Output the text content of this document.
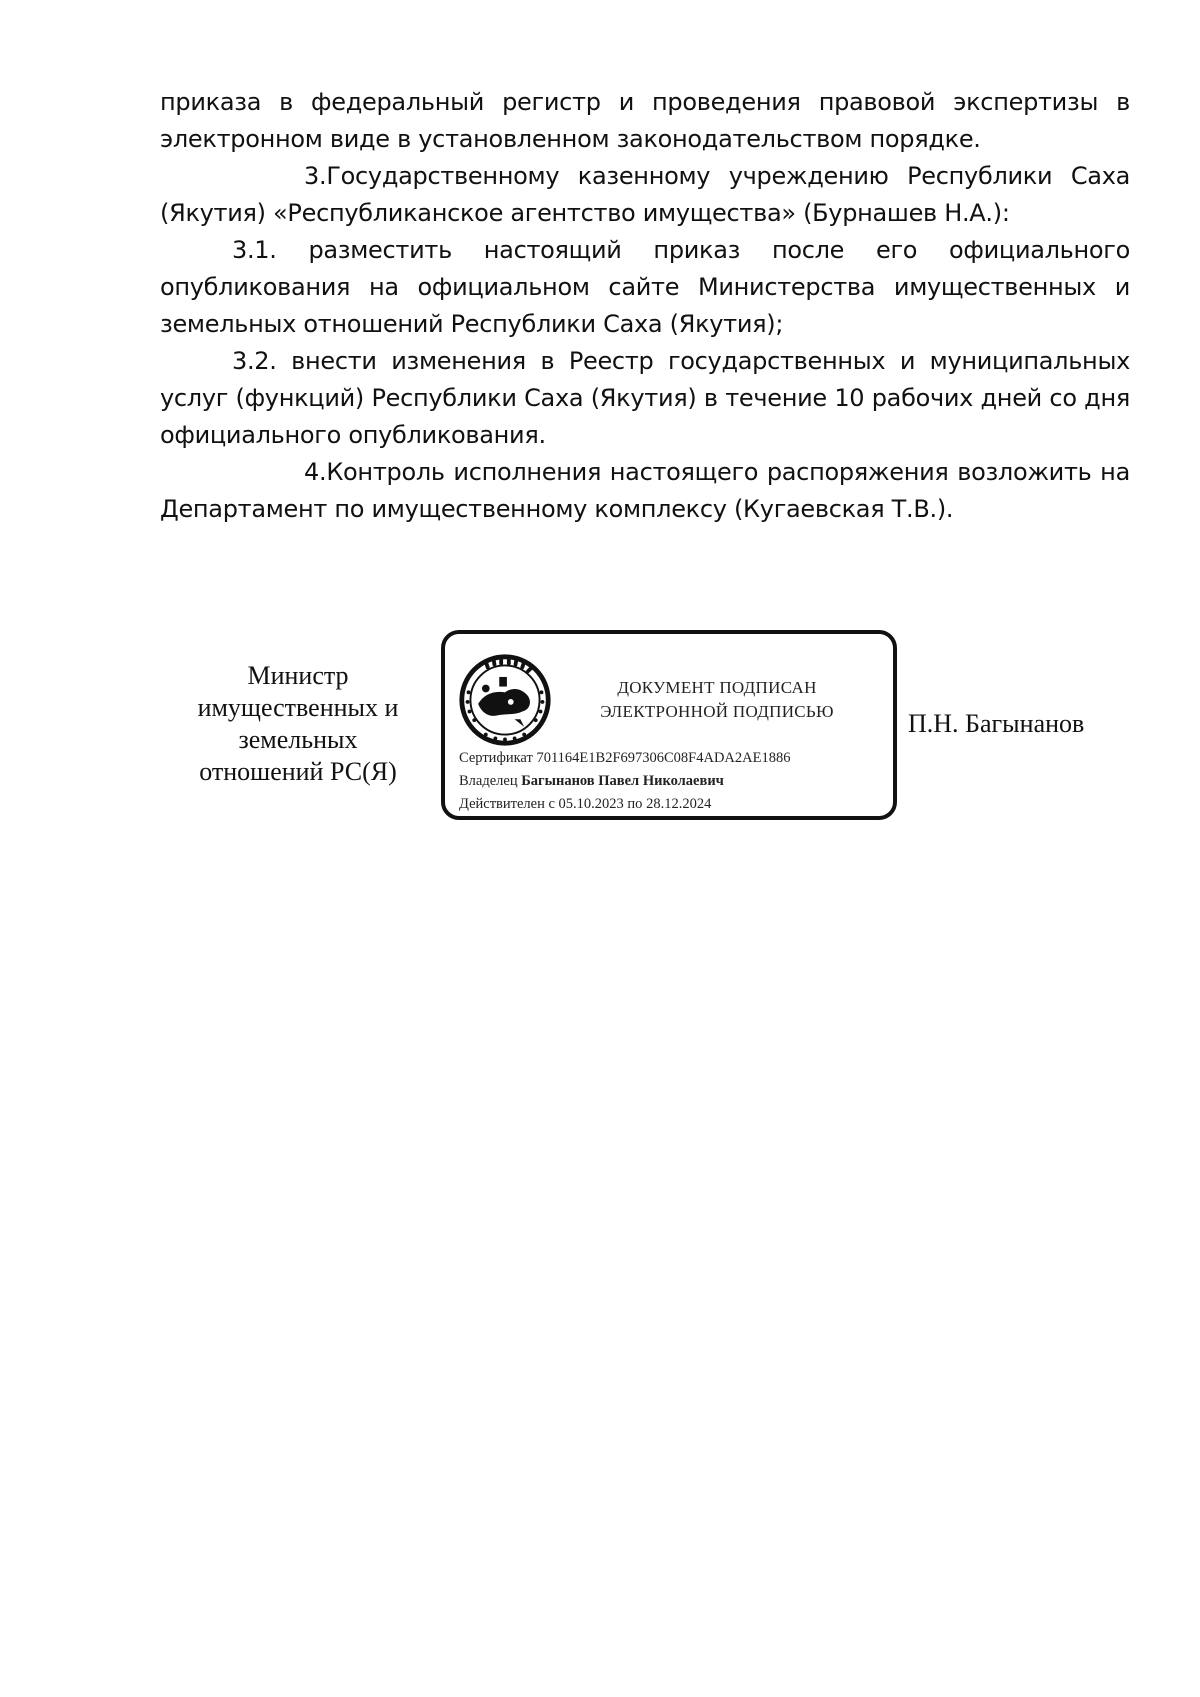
приказа в федеральный регистр и проведения правовой экспертизы в электронном виде в установленном законодательством порядке.

3.Государственному казенному учреждению Республики Саха (Якутия) «Республиканское агентство имущества» (Бурнашев Н.А.):

3.1. разместить настоящий приказ после его официального опубликования на официальном сайте Министерства имущественных и земельных отношений Республики Саха (Якутия);

3.2. внести изменения в Реестр государственных и муниципальных услуг (функций) Республики Саха (Якутия) в течение 10 рабочих дней со дня официального опубликования.

4.Контроль исполнения настоящего распоряжения возложить на Департамент по имущественному комплексу (Кугаевская Т.В.).

Министр
имущественных и
земельных
отношений РС(Я)
ДОКУМЕНТ ПОДПИСАН
ЭЛЕКТРОННОЙ ПОДПИСЬЮ
Сертификат 701164E1B2F697306C08F4ADA2AE1886
Владелец Багынанов Павел Николаевич
Действителен с 05.10.2023 по 28.12.2024
П.Н. Багынанов
